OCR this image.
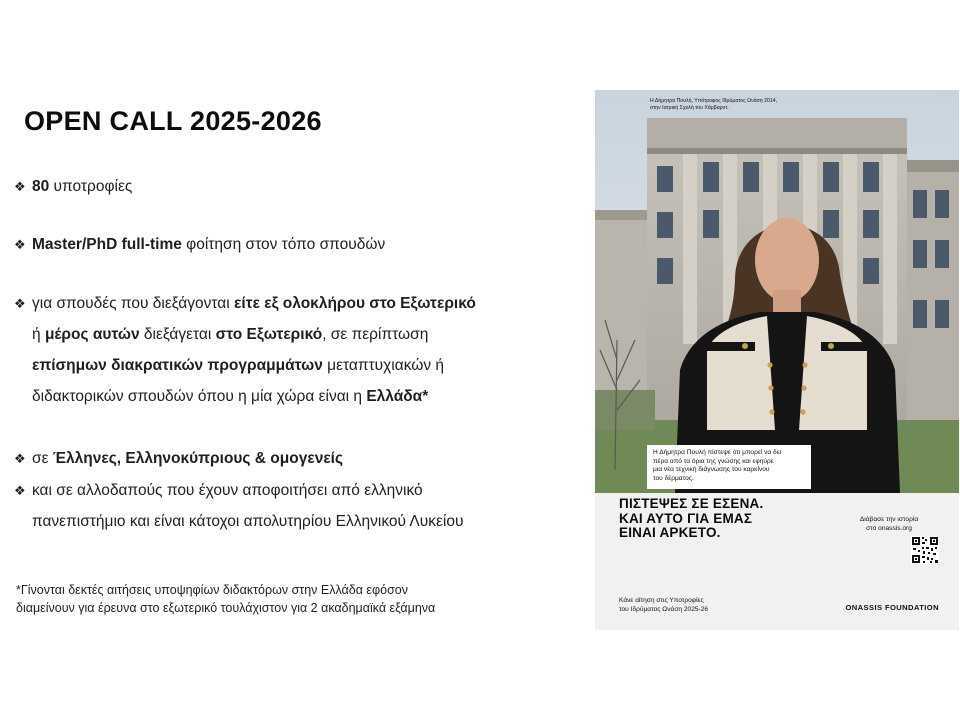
OPEN CALL 2025-2026
❖ 80 υποτροφίες
❖ Master/PhD full-time φοίτηση στον τόπο σπουδών
❖ για σπουδές που διεξάγονται είτε εξ ολοκλήρου στο Εξωτερικό
ή μέρος αυτών διεξάγεται στο Εξωτερικό, σε περίπτωση
επίσημων διακρατικών προγραμμάτων μεταπτυχιακών ή
διδακτορικών σπουδών όπου η μία χώρα είναι η Ελλάδα*
❖ σε Έλληνες, Ελληνοκύπριους & ομογενείς
❖ και σε αλλοδαπούς που έχουν αποφοιτήσει από ελληνικό
πανεπιστήμιο και είναι κάτοχοι απολυτηρίου Ελληνικού Λυκείου
*Γίνονται δεκτές αιτήσεις υποψηφίων διδακτόρων στην Ελλάδα εφόσον
διαμείνουν για έρευνα στο εξωτερικό τουλάχιστον για 2 ακαδημαϊκά εξάμηνα
Η Δήμητρα Πουλή, Υπότροφος Ιδρύματος Ωνάση 2014,
στην Ιατρική Σχολή του Χάρβαρντ.
Η Δήμητρα Πουλή πίστεψε ότι μπορεί να δει
πέρα από τα όρια της γνώσης και εφηύρε
μια νέα τεχνική διάγνωσης του καρκίνου
του δέρματος.
ΠΙΣΤΕΨΕΣ ΣΕ ΕΣΕΝΑ.
ΚΑΙ ΑΥΤΟ ΓΙΑ ΕΜΑΣ
ΕΙΝΑΙ ΑΡΚΕΤΟ.
Διάβασε την ιστορία
στο onassis.org
Κάνε αίτηση στις Υποτροφίες
του Ιδρύματος Ωνάση 2025-26	ONASSIS FOUNDATION
